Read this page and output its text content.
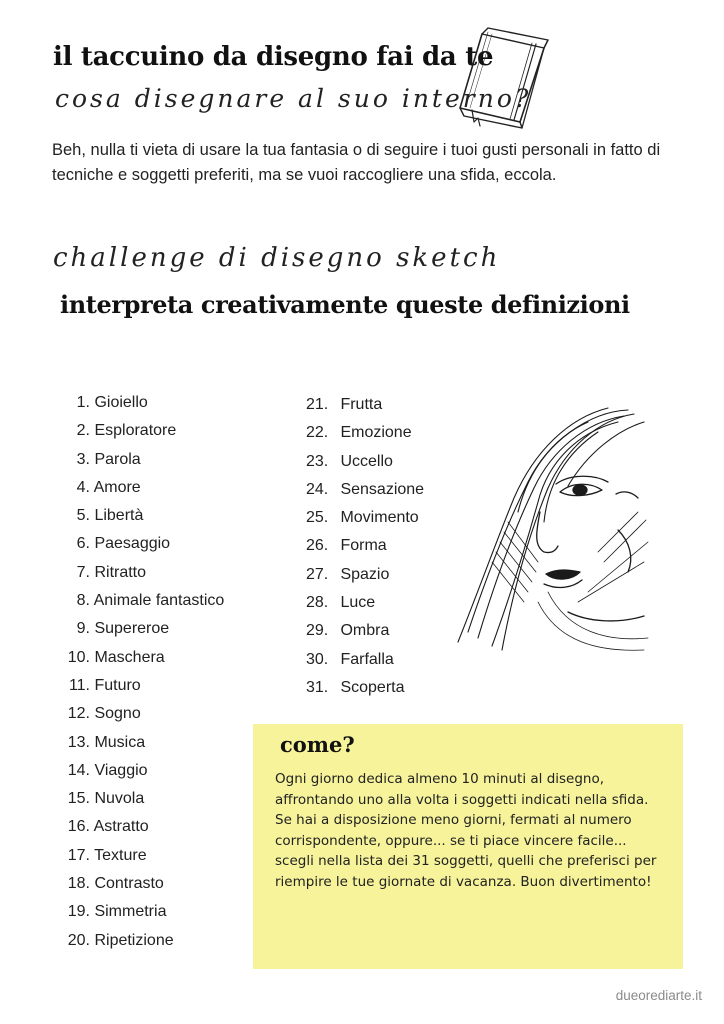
il taccuino da disegno fai da te
cosa disegnare al suo interno?
Beh, nulla ti vieta di usare la tua fantasia o di seguire i tuoi gusti personali in fatto di tecniche e soggetti preferiti, ma se vuoi raccogliere una sfida, eccola.
challenge di disegno sketch
interpreta creativamente queste definizioni
1. Gioiello
2. Esploratore
3. Parola
4. Amore
5. Libertà
6. Paesaggio
7. Ritratto
8. Animale fantastico
9. Supereroe
10. Maschera
11. Futuro
12. Sogno
13. Musica
14. Viaggio
15. Nuvola
16. Astratto
17. Texture
18. Contrasto
19. Simmetria
20. Ripetizione
21. Frutta
22. Emozione
23. Uccello
24. Sensazione
25. Movimento
26. Forma
27. Spazio
28. Luce
29. Ombra
30. Farfalla
31. Scoperta
come?

Ogni giorno dedica almeno 10 minuti al disegno, affrontando uno alla volta i soggetti indicati nella sfida.

Se hai a disposizione meno giorni, fermati al numero corrispondente, oppure... se ti piace vincere facile... scegli nella lista dei 31 soggetti, quelli che preferisci per riempire le tue giornate di vacanza. Buon divertimento!

dueorediarte.it
